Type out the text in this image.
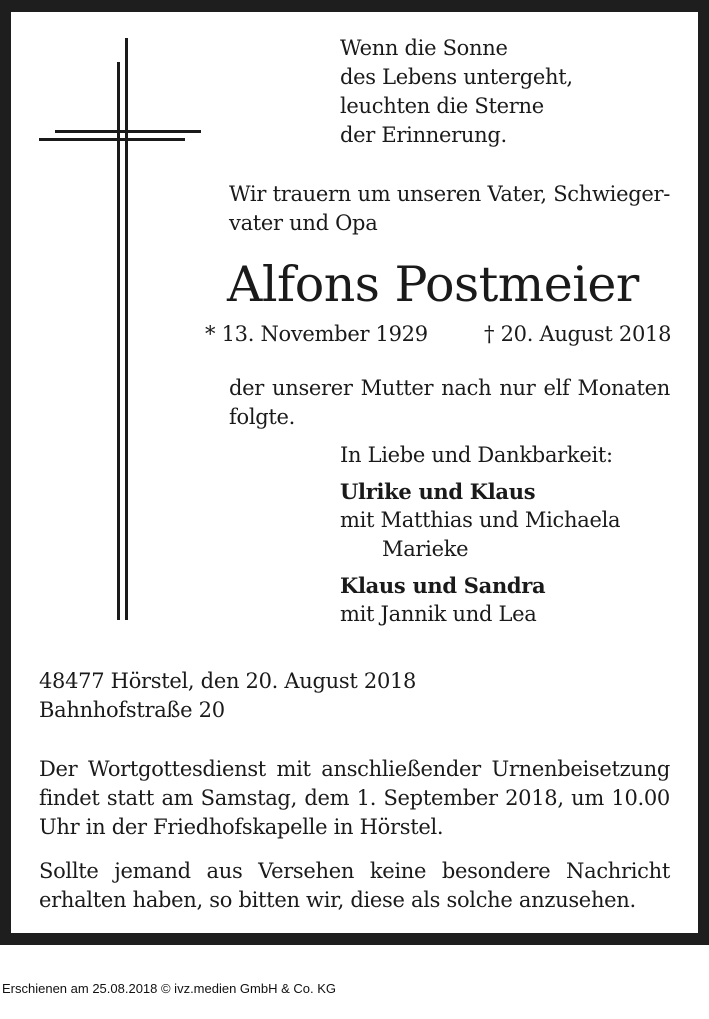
Wenn die Sonne
des Lebens untergeht,
leuchten die Sterne
der Erinnerung.
Wir trauern um unseren Vater, Schwieger-
vater und Opa
Alfons Postmeier
* 13. November 1929	† 20. August 2018
der unserer Mutter nach nur elf Monaten
folgte.
In Liebe und Dankbarkeit:
Ulrike und Klaus
mit Matthias und Michaela
Marieke
Klaus und Sandra
mit Jannik und Lea
48477 Hörstel, den 20. August 2018
Bahnhofstraße 20
Der Wortgottesdienst mit anschließender Urnenbeisetzung
findet statt am Samstag, dem 1. September 2018, um 10.00
Uhr in der Friedhofskapelle in Hörstel.
Sollte jemand aus Versehen keine besondere Nachricht
erhalten haben, so bitten wir, diese als solche anzusehen.
Erschienen am 25.08.2018 © ivz.medien GmbH & Co. KG
